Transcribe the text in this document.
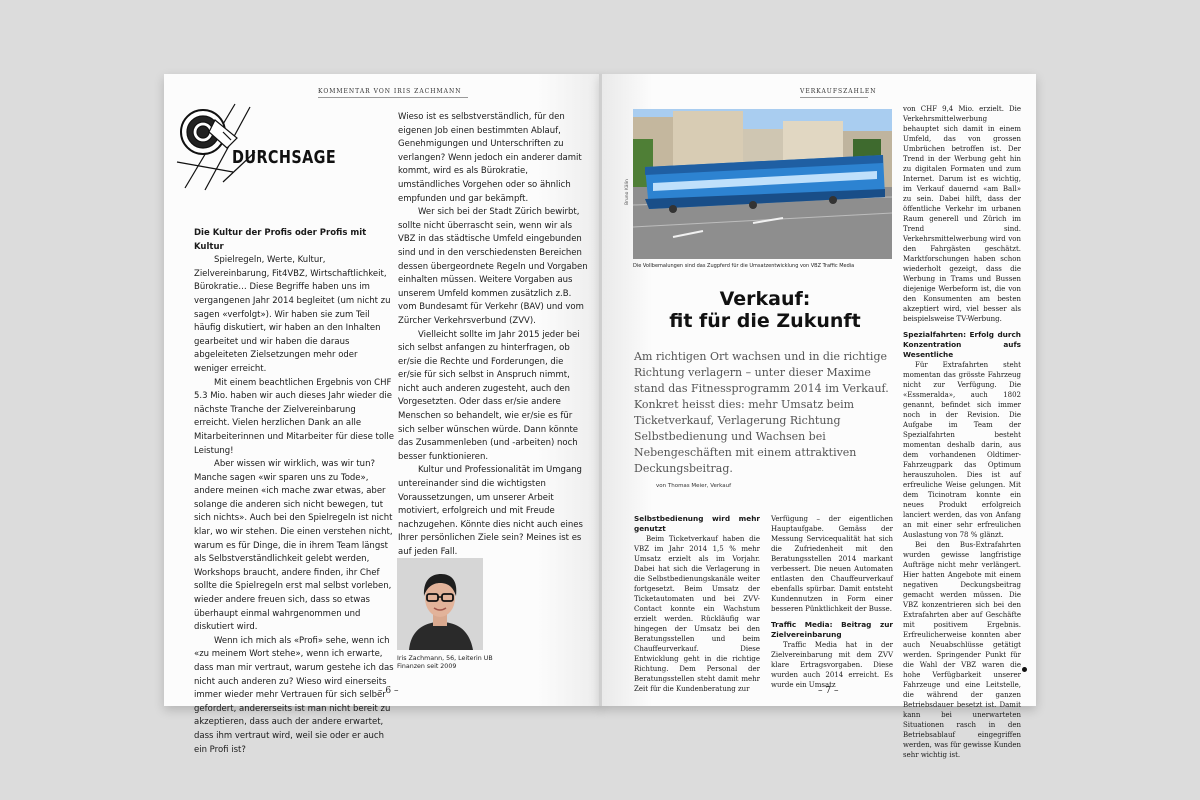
KOMMENTAR VON IRIS ZACHMANN	VERKAUFSZAHLEN
DURCHSAGE
Die Kultur der Profis oder Profis mit Kultur

Spielregeln, Werte, Kultur, Zielvereinbarung, Fit4VBZ, Wirtschaftlichkeit, Bürokratie… Diese Begriffe haben uns im vergangenen Jahr 2014 begleitet (um nicht zu sagen «verfolgt»). Wir haben sie zum Teil häufig diskutiert, wir haben an den Inhalten gearbeitet und wir haben die daraus abgeleiteten Zielsetzungen mehr oder weniger erreicht.

Mit einem beachtlichen Ergebnis von CHF 5.3 Mio. haben wir auch dieses Jahr wieder die nächste Tranche der Zielvereinbarung erreicht. Vielen herzlichen Dank an alle Mitarbeiterinnen und Mitarbeiter für diese tolle Leistung!

Aber wissen wir wirklich, was wir tun? Manche sagen «wir sparen uns zu Tode», andere meinen «ich mache zwar etwas, aber solange die anderen sich nicht bewegen, tut sich nichts». Auch bei den Spielregeln ist nicht klar, wo wir stehen. Die einen verstehen nicht, warum es für Dinge, die in ihrem Team längst als Selbstverständlichkeit gelebt werden, Workshops braucht, andere finden, ihr Chef sollte die Spielregeln erst mal selbst vorleben, wieder andere freuen sich, dass so etwas überhaupt einmal wahrgenommen und diskutiert wird.

Wenn ich mich als «Profi» sehe, wenn ich «zu meinem Wort stehe», wenn ich erwarte, dass man mir vertraut, warum gestehe ich das nicht auch anderen zu? Wieso wird einerseits immer wieder mehr Vertrauen für sich selber gefordert, andererseits ist man nicht bereit zu akzeptieren, dass auch der andere erwartet, dass ihm vertraut wird, weil sie oder er auch ein Profi ist?

Wieso ist es selbstverständlich, für den eigenen Job einen bestimmten Ablauf, Genehmigungen und Unterschriften zu verlangen? Wenn jedoch ein anderer damit kommt, wird es als Bürokratie, umständliches Vorgehen oder so ähnlich empfunden und gar bekämpft.

Wer sich bei der Stadt Zürich bewirbt, sollte nicht überrascht sein, wenn wir als VBZ in das städtische Umfeld eingebunden sind und in den verschiedensten Bereichen dessen übergeordnete Regeln und Vorgaben einhalten müssen. Weitere Vorgaben aus unserem Umfeld kommen zusätzlich z.B. vom Bundesamt für Verkehr (BAV) und vom Zürcher Verkehrsverbund (ZVV).

Vielleicht sollte im Jahr 2015 jeder bei sich selbst anfangen zu hinterfragen, ob er/sie die Rechte und Forderungen, die er/sie für sich selbst in Anspruch nimmt, nicht auch anderen zugesteht, auch den Vorgesetzten. Oder dass er/sie andere Menschen so behandelt, wie er/sie es für sich selber wünschen würde. Dann könnte das Zusammenleben (und -arbeiten) noch besser funktionieren.

Kultur und Professionalität im Umgang untereinander sind die wichtigsten Voraussetzungen, um unserer Arbeit motiviert, erfolgreich und mit Freude nachzugehen. Könnte dies nicht auch eines Ihrer persönlichen Ziele sein? Meines ist es auf jeden Fall.

Iris Zachmann, 56, Leiterin UB Finanzen seit 2009
– 6 –
Bruno Kälin
Die Vollbemalungen sind das Zugpferd für die Umsatzentwicklung von VBZ Traffic Media
Verkauf:
fit für die Zukunft
Am richtigen Ort wachsen und in die richtige Richtung verlagern – unter dieser Maxime stand das Fitnessprogramm 2014 im Verkauf. Konkret heisst dies: mehr Umsatz beim Ticketverkauf, Verlagerung Richtung Selbstbedienung und Wachsen bei Nebengeschäften mit einem attraktiven Deckungsbeitrag.
von Thomas Meier, Verkauf
Selbstbedienung wird mehr genutzt

Beim Ticketverkauf haben die VBZ im Jahr 2014 1,5 % mehr Umsatz erzielt als im Vorjahr. Dabei hat sich die Verlagerung in die Selbstbedienungskanäle weiter fortgesetzt. Beim Umsatz der Ticketautomaten und bei ZVV-Contact konnte ein Wachstum erzielt werden. Rückläufig war hingegen der Umsatz bei den Beratungsstellen und beim Chauffeurverkauf. Diese Entwicklung geht in die richtige Richtung. Dem Personal der Beratungsstellen steht damit mehr Zeit für die Kundenberatung zur

Verfügung – der eigentlichen Hauptaufgabe. Gemäss der Messung Servicequalität hat sich die Zufriedenheit mit den Beratungsstellen 2014 markant verbessert. Die neuen Automaten entlasten den Chauffeurverkauf ebenfalls spürbar. Damit entsteht Kundennutzen in Form einer besseren Pünktlichkeit der Busse.

Traffic Media: Beitrag zur Zielvereinbarung

Traffic Media hat in der Zielvereinbarung mit dem ZVV klare Ertragsvorgaben. Diese wurden auch 2014 erreicht. Es wurde ein Umsatz

von CHF 9,4 Mio. erzielt. Die Verkehrsmittelwerbung behauptet sich damit in einem Umfeld, das von grossen Umbrüchen betroffen ist. Der Trend in der Werbung geht hin zu digitalen Formaten und zum Internet. Darum ist es wichtig, im Verkauf dauernd «am Ball» zu sein. Dabei hilft, dass der öffentliche Verkehr im urbanen Raum generell und Zürich im Trend sind. Verkehrsmittelwerbung wird von den Fahrgästen geschätzt. Marktforschungen haben schon wiederholt gezeigt, dass die Werbung in Trams und Bussen diejenige Werbeform ist, die von den Konsumenten am besten akzeptiert wird, viel besser als beispielsweise TV-Werbung.

Spezialfahrten: Erfolg durch Konzentration aufs Wesentliche

Für Extrafahrten steht momentan das grösste Fahrzeug nicht zur Verfügung. Die «Essmeralda», auch 1802 genannt, befindet sich immer noch in der Revision. Die Aufgabe im Team der Spezialfahrten besteht momentan deshalb darin, aus dem vorhandenen Oldtimer-Fahrzeugpark das Optimum herauszuholen. Dies ist auf erfreuliche Weise gelungen. Mit dem Ticinotram konnte ein neues Produkt erfolgreich lanciert werden, das von Anfang an mit einer sehr erfreulichen Auslastung von 78 % glänzt.

Bei den Bus-Extrafahrten wurden gewisse langfristige Aufträge nicht mehr verlängert. Hier hatten Angebote mit einem negativen Deckungsbeitrag gemacht werden müssen. Die VBZ konzentrieren sich bei den Extrafahrten aber auf Geschäfte mit positivem Ergebnis. Erfreulicherweise konnten aber auch Neuabschlüsse getätigt werden. Springender Punkt für die Wahl der VBZ waren die hohe Verfügbarkeit unserer Fahrzeuge und eine Leitstelle, die während der ganzen Betriebsdauer besetzt ist. Damit kann bei unerwarteten Situationen rasch in den Betriebsablauf eingegriffen werden, was für gewisse Kunden sehr wichtig ist.

– 7 –
